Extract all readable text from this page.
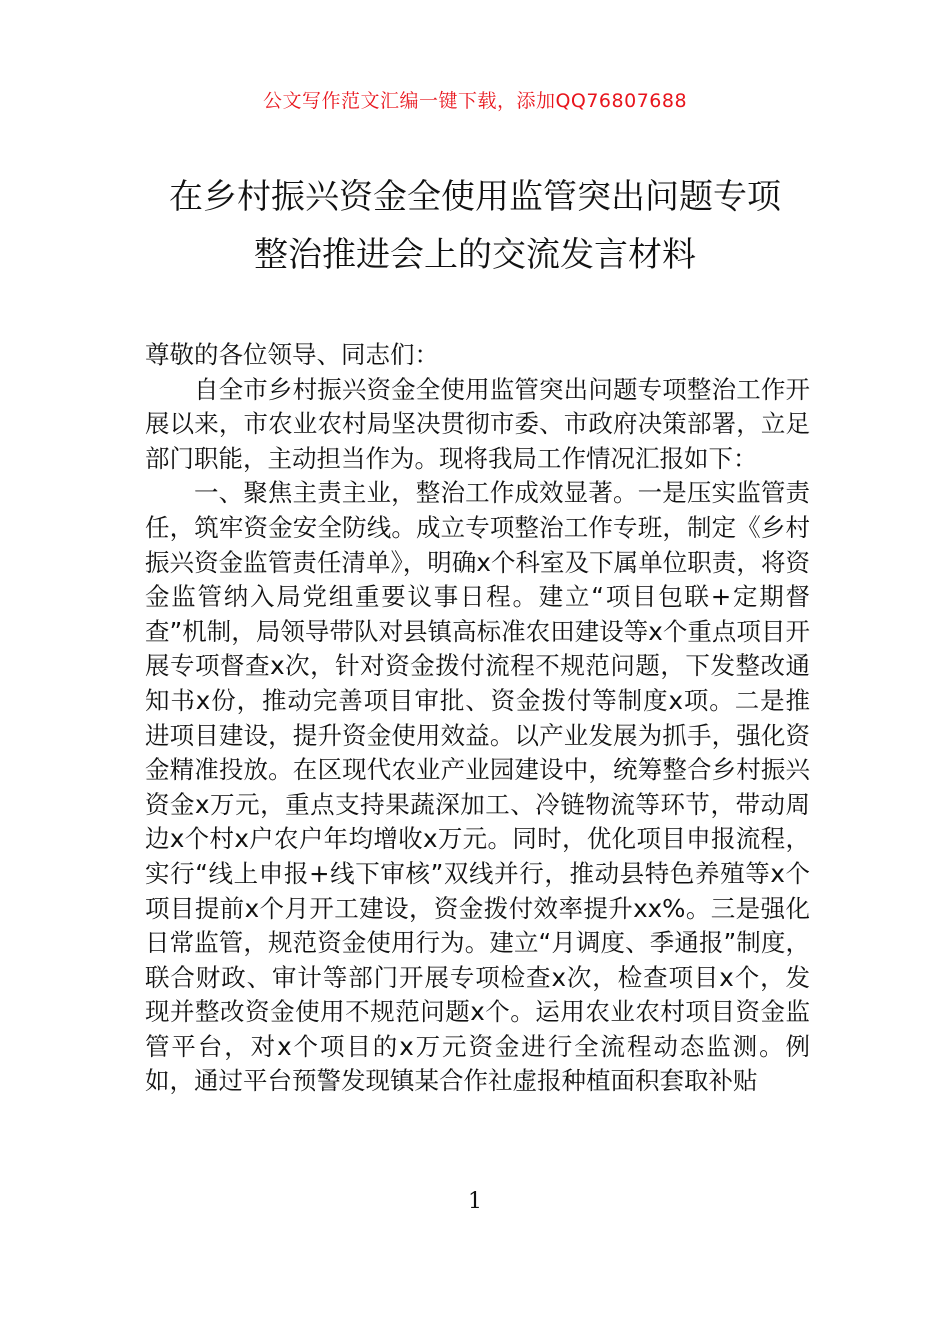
公文写作范文汇编一键下载，添加QQ76807688
在乡村振兴资金全使用监管突出问题专项
整治推进会上的交流发言材料

尊敬的各位领导、同志们：

自全市乡村振兴资金全使用监管突出问题专项整治工作开展以来，市农业农村局坚决贯彻市委、市政府决策部署，立足部门职能，主动担当作为。现将我局工作情况汇报如下：

一、聚焦主责主业，整治工作成效显著。一是压实监管责任，筑牢资金安全防线。成立专项整治工作专班，制定《乡村振兴资金监管责任清单》，明确x个科室及下属单位职责，将资金监管纳入局党组重要议事日程。建立“项目包联+定期督查”机制，局领导带队对县镇高标准农田建设等x个重点项目开展专项督查x次，针对资金拨付流程不规范问题，下发整改通知书x份，推动完善项目审批、资金拨付等制度x项。二是推进项目建设，提升资金使用效益。以产业发展为抓手，强化资金精准投放。在区现代农业产业园建设中，统筹整合乡村振兴资金x万元，重点支持果蔬深加工、冷链物流等环节，带动周边x个村x户农户年均增收x万元。同时，优化项目申报流程，实行“线上申报+线下审核”双线并行，推动县特色养殖等x个项目提前x个月开工建设，资金拨付效率提升xx%。三是强化日常监管，规范资金使用行为。建立“月调度、季通报”制度，联合财政、审计等部门开展专项检查x次，检查项目x个，发现并整改资金使用不规范问题x个。运用农业农村项目资金监管平台，对x个项目的x万元资金进行全流程动态监测。例如，通过平台预警发现镇某合作社虚报种植面积套取补贴

1
